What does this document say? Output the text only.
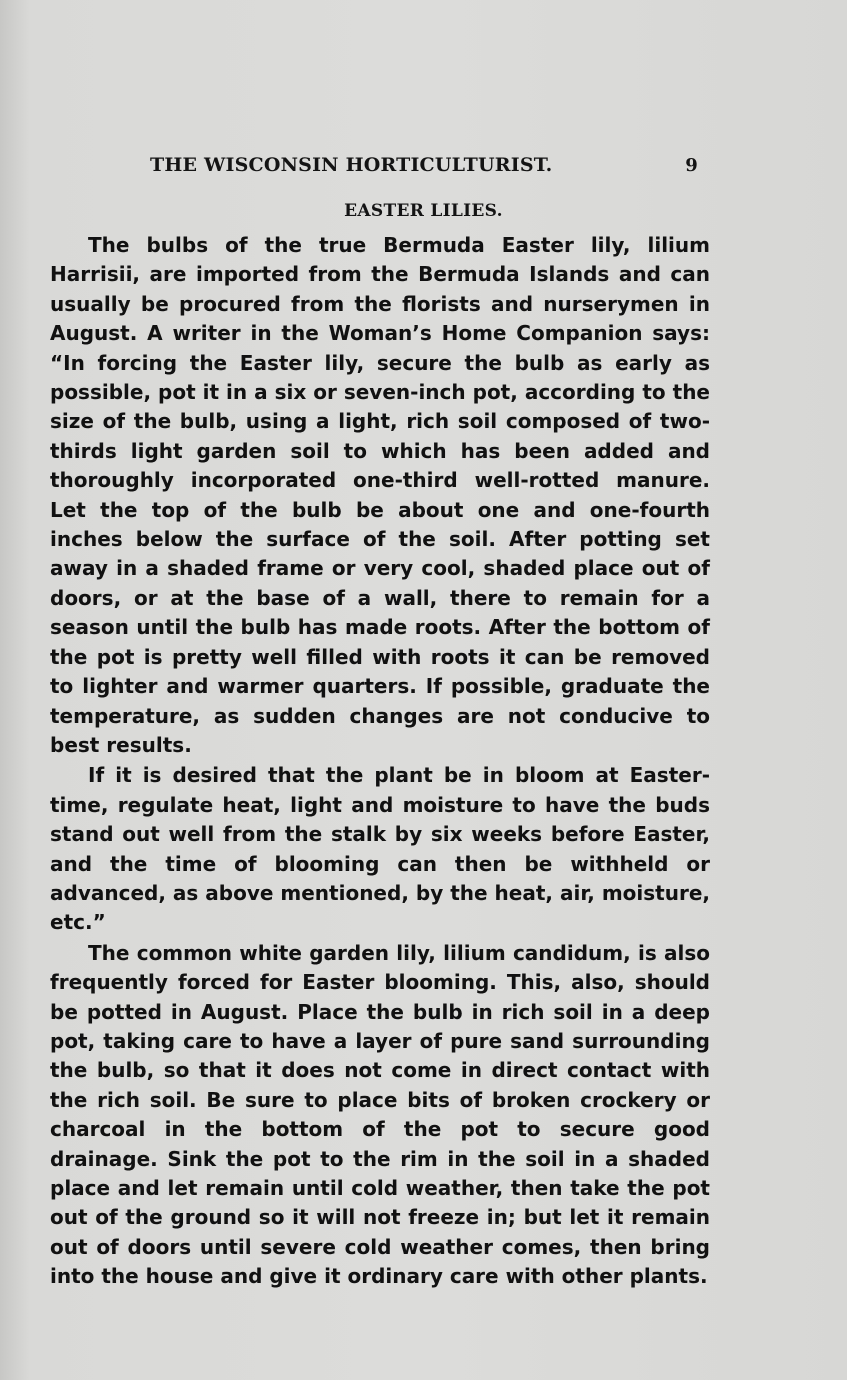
THE WISCONSIN HORTICULTURIST.	9
EASTER LILIES.

The bulbs of the true Bermuda Easter lily, lilium Harrisii, are imported from the Bermuda Islands and can usually be procured from the florists and nurserymen in August. A writer in the Woman’s Home Companion says: “In forcing the Easter lily, secure the bulb as early as possible, pot it in a six or seven-inch pot, according to the size of the bulb, using a light, rich soil composed of two-thirds light garden soil to which has been added and thoroughly incorporated one-third well-rotted manure. Let the top of the bulb be about one and one-fourth inches below the surface of the soil. After potting set away in a shaded frame or very cool, shaded place out of doors, or at the base of a wall, there to remain for a season until the bulb has made roots. After the bottom of the pot is pretty well filled with roots it can be removed to lighter and warmer quarters. If possible, graduate the temperature, as sudden changes are not conducive to best results.

If it is desired that the plant be in bloom at Easter-time, regulate heat, light and moisture to have the buds stand out well from the stalk by six weeks before Easter, and the time of blooming can then be withheld or advanced, as above mentioned, by the heat, air, moisture, etc.”

The common white garden lily, lilium candidum, is also frequently forced for Easter blooming. This, also, should be potted in August. Place the bulb in rich soil in a deep pot, taking care to have a layer of pure sand surrounding the bulb, so that it does not come in direct contact with the rich soil. Be sure to place bits of broken crockery or charcoal in the bottom of the pot to secure good drainage. Sink the pot to the rim in the soil in a shaded place and let remain until cold weather, then take the pot out of the ground so it will not freeze in; but let it remain out of doors until severe cold weather comes, then bring into the house and give it ordinary care with other plants.
